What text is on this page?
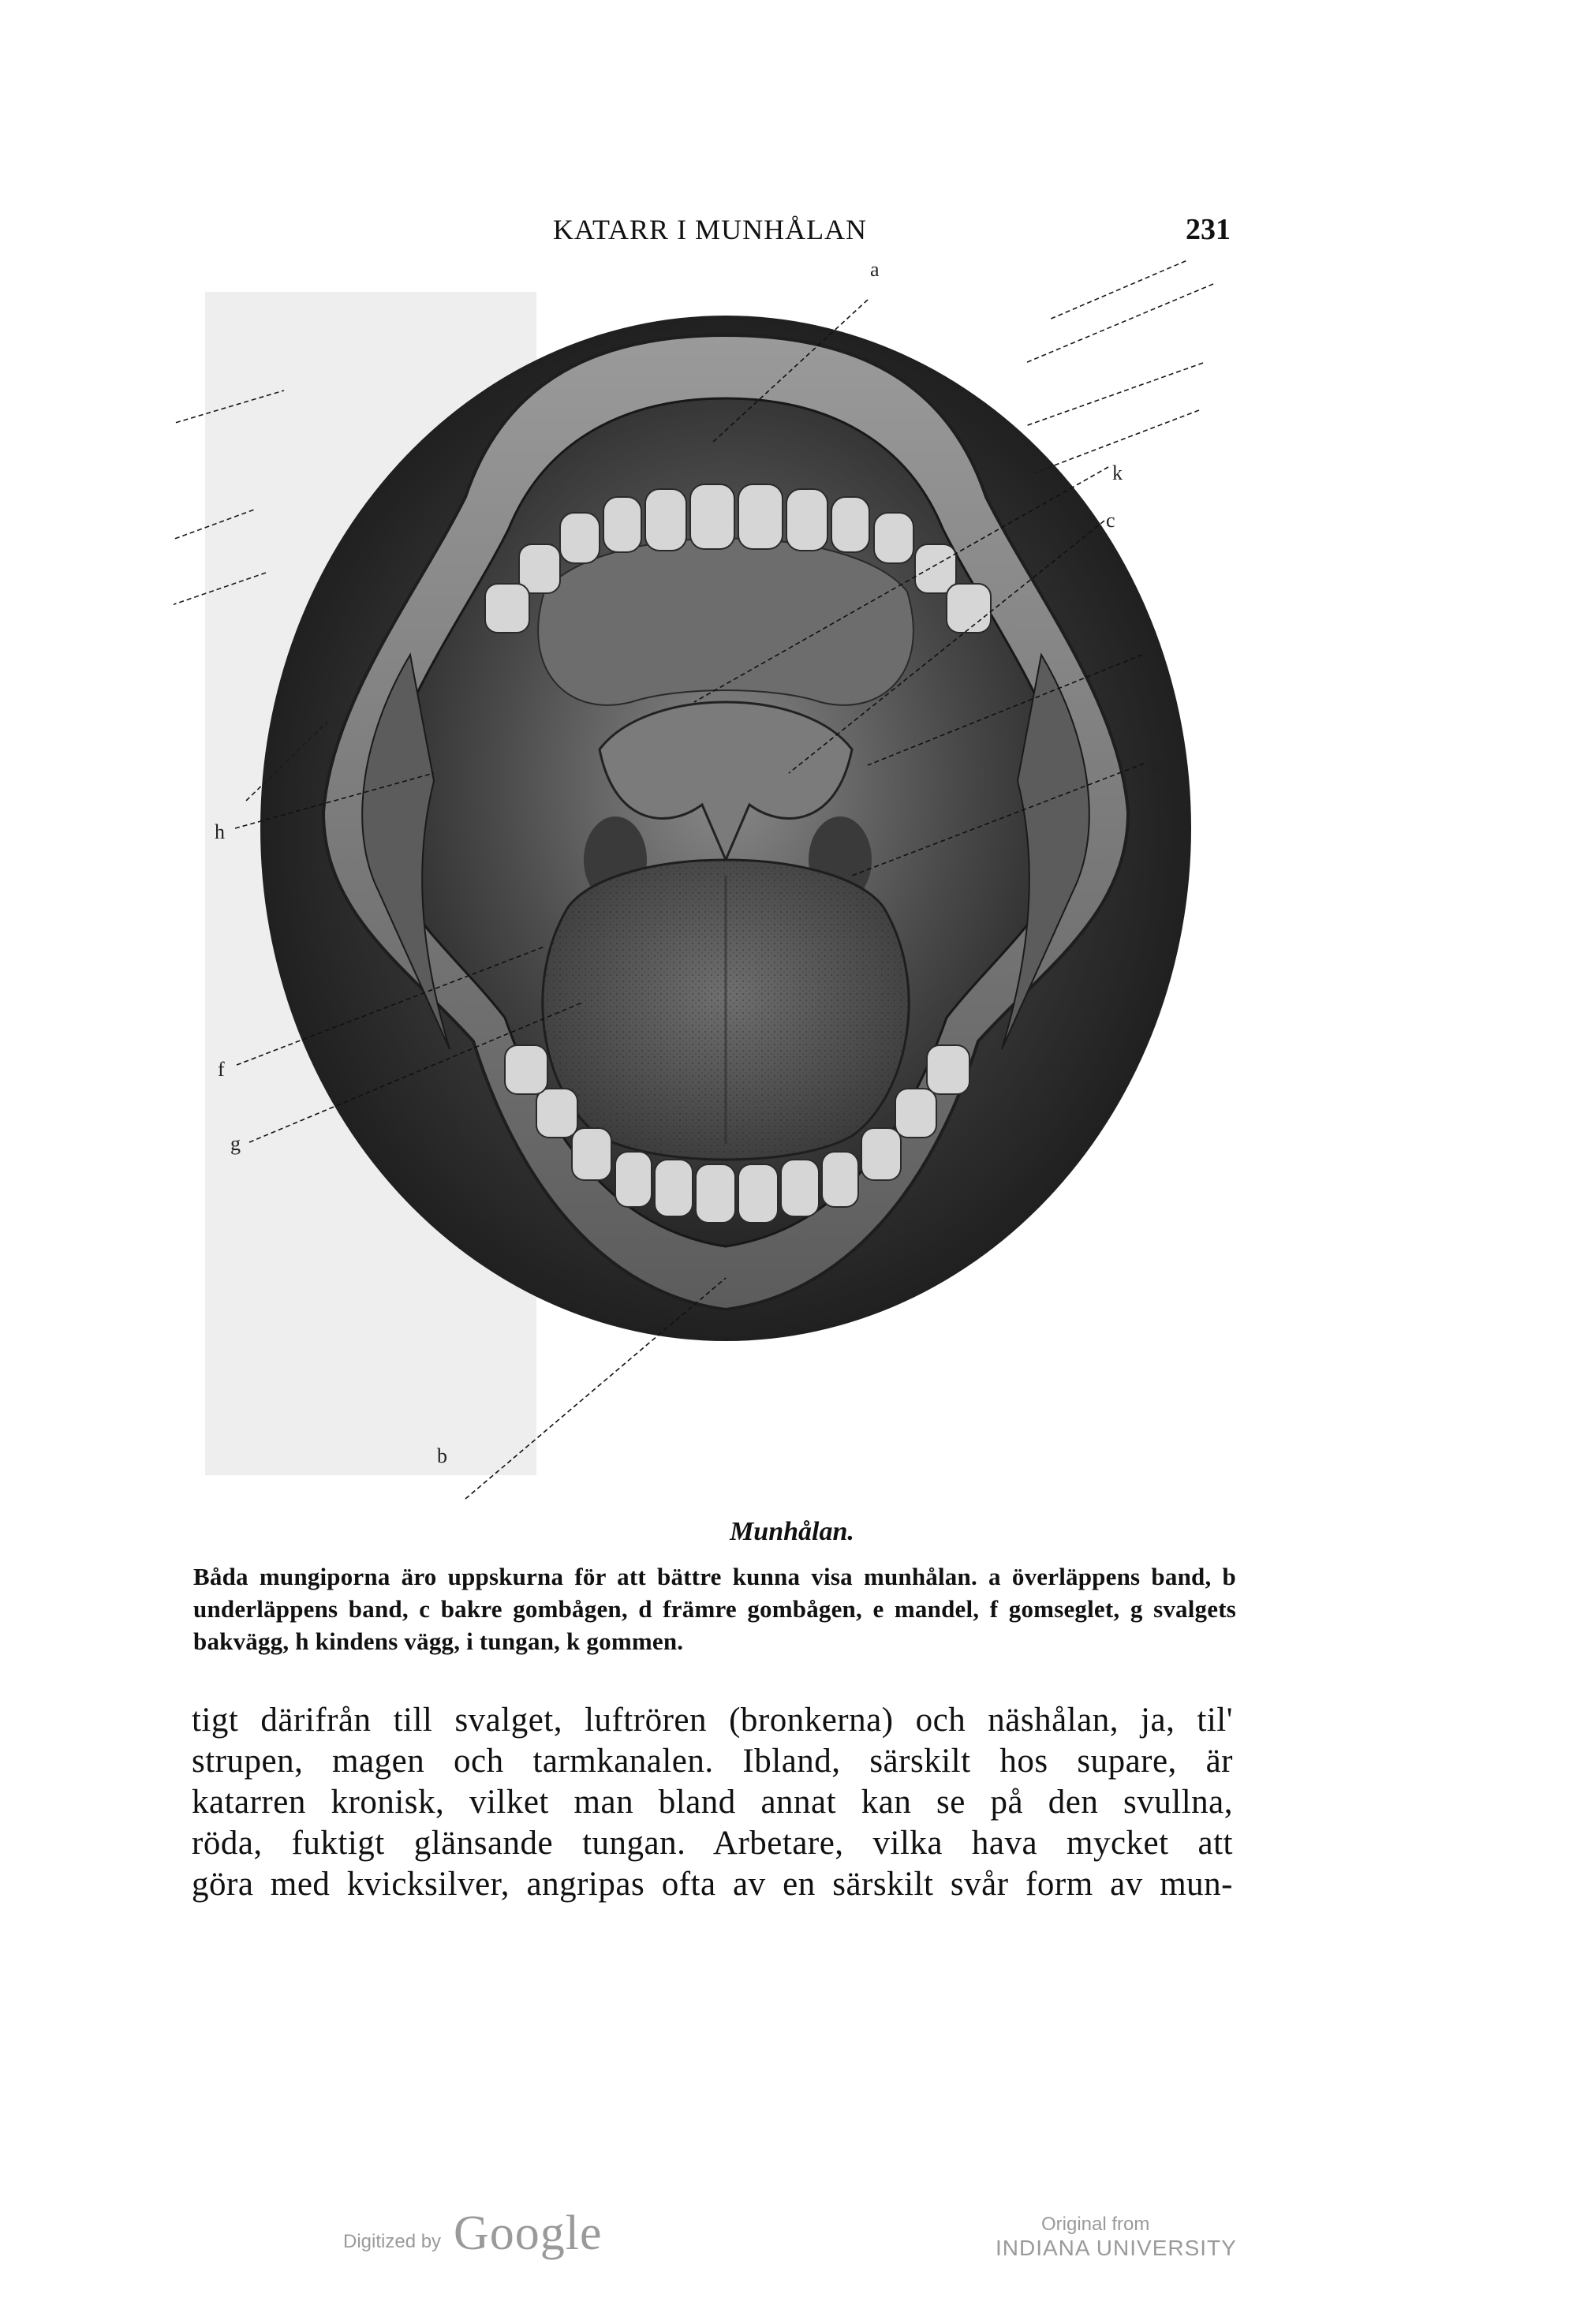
KATARR I MUNHÅLAN	231
a
k
c
e
d
h
f
g
b
Munhålan.
Båda mungiporna äro uppskurna för att bättre kunna visa munhålan. a överläppens band, b underläppens band, c bakre gombågen, d främre gombågen, e mandel, f gomseglet, g svalgets bakvägg, h kindens vägg, i tungan, k gommen.
tigt därifrån till svalget, luftrören (bronkerna) och näshålan, ja, til'
strupen, magen och tarmkanalen. Ibland, särskilt hos supare, är
katarren kronisk, vilket man bland annat kan se på den svullna,
röda, fuktigt glänsande tungan. Arbetare, vilka hava mycket att
göra med kvicksilver, angripas ofta av en särskilt svår form av mun-
Digitized by Google	Original from
INDIANA UNIVERSITY
